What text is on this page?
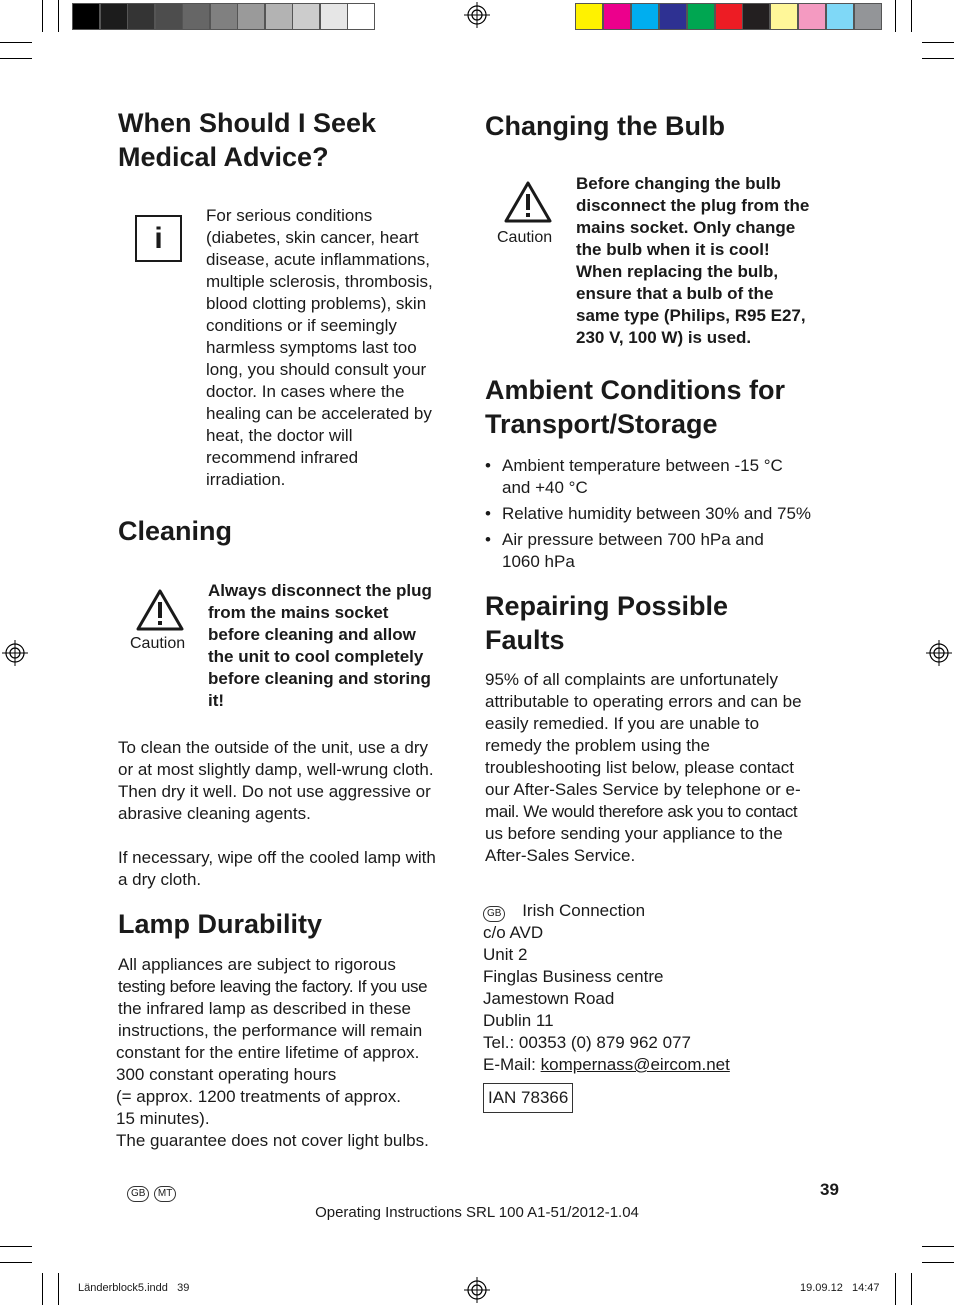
When Should I Seek
Medical Advice?
i
For serious conditions
(diabetes, skin cancer, heart
disease, acute inflammations,
multiple sclerosis, thrombosis,
blood clotting problems), skin
conditions or if seemingly
harmless symptoms last too
long, you should consult your
doctor. In cases where the
healing can be accelerated by
heat, the doctor will
recommend infrared
irradiation.
Cleaning
Caution
Always disconnect the plug
from the mains socket
before cleaning and allow
the unit to cool completely
before cleaning and storing
it!
To clean the outside of the unit, use a dry
or at most slightly damp, well-wrung cloth.
Then dry it well. Do not use aggressive or
abrasive cleaning agents.
If necessary, wipe off the cooled lamp with
a dry cloth.
Lamp Durability
All appliances are subject to rigorous
testing before leaving the factory. If you use
the infrared lamp as described in these
instructions, the performance will remain
constant for the entire lifetime of approx.
300 constant operating hours
(= approx. 1200 treatments of approx.
15 minutes).
The guarantee does not cover light bulbs.
Changing the Bulb
Caution
Before changing the bulb
disconnect the plug from the
mains socket. Only change
the bulb when it is cool!
When replacing the bulb,
ensure that a bulb of the
same type (Philips, R95 E27,
230 V, 100 W) is used.
Ambient Conditions for
Transport/Storage
• Ambient temperature between -15 °C
and +40 °C
• Relative humidity between 30% and 75%
• Air pressure between 700 hPa and
1060 hPa
Repairing Possible
Faults
95% of all complaints are unfortunately
attributable to operating errors and can be
easily remedied. If you are unable to
remedy the problem using the
troubleshooting list below, please contact
our After-Sales Service by telephone or e-
mail. We would therefore ask you to contact
us before sending your appliance to the
After-Sales Service.
GB Irish Connection
c/o AVD
Unit 2
Finglas Business centre
Jamestown Road
Dublin 11
Tel.: 00353 (0) 879 962 077
E-Mail: kompernass@eircom.net
IAN 78366
GB MT	39
Operating Instructions SRL 100 A1-51/2012-1.04
Länderblock5.indd   39	19.09.12   14:47
